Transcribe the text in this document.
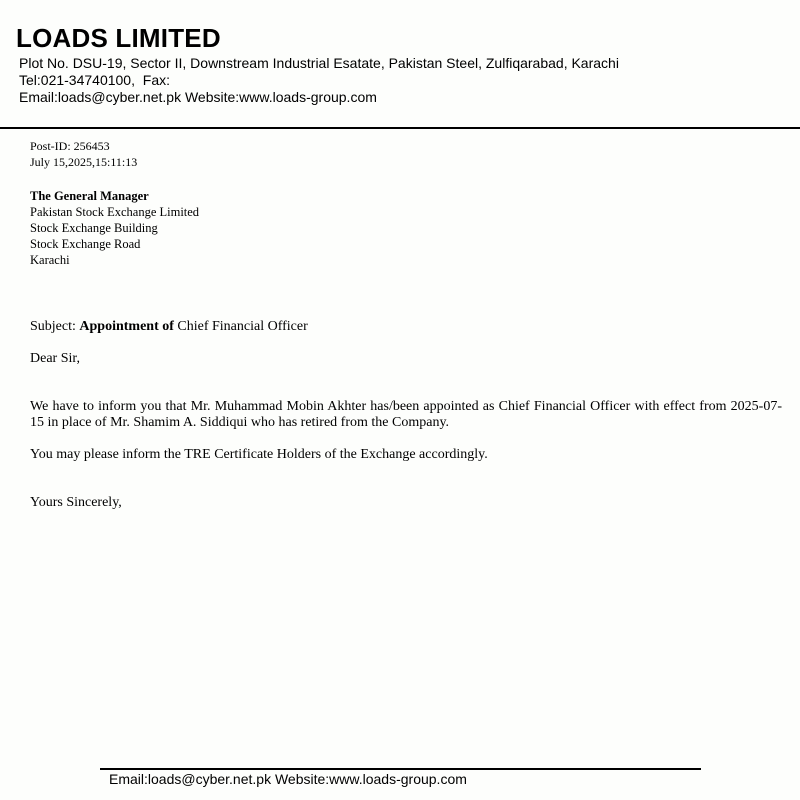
LOADS LIMITED
Plot No. DSU-19, Sector II, Downstream Industrial Esatate, Pakistan Steel, Zulfiqarabad, Karachi
Tel:021-34740100,  Fax:
Email:loads@cyber.net.pk Website:www.loads-group.com
Post-ID: 256453
July 15,2025,15:11:13
The General Manager
Pakistan Stock Exchange Limited
Stock Exchange Building
Stock Exchange Road
Karachi
Subject: Appointment of Chief Financial Officer
Dear Sir,
We have to inform you that Mr. Muhammad Mobin Akhter has/been appointed as Chief Financial Officer with effect from 2025-07-15 in place of Mr. Shamim A. Siddiqui who has retired from the Company.
You may please inform the TRE Certificate Holders of the Exchange accordingly.
Yours Sincerely,
Email:loads@cyber.net.pk Website:www.loads-group.com
